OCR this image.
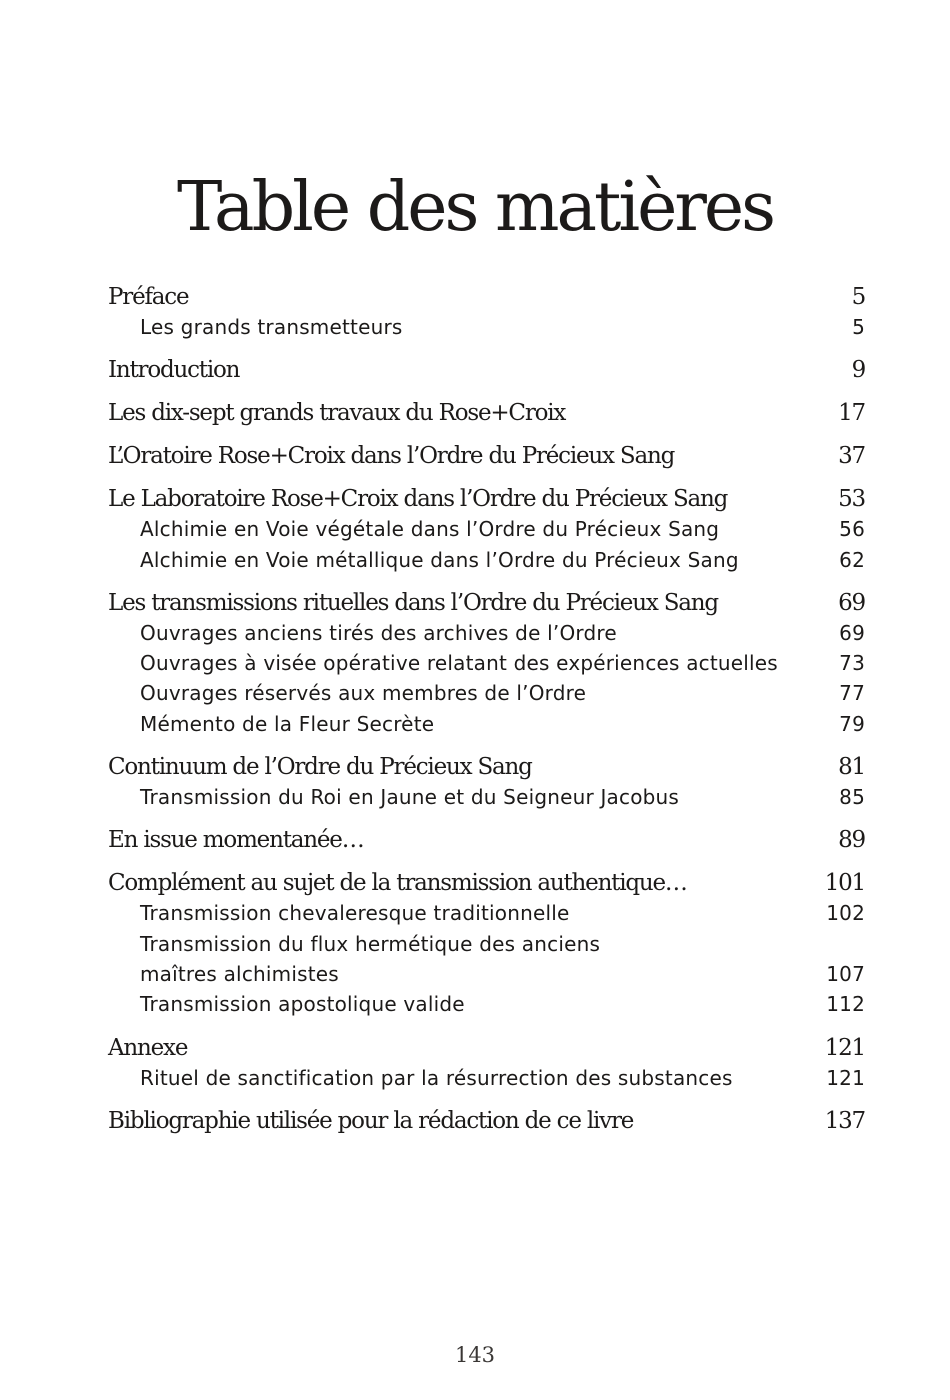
Table des matières
Préface	5
Les grands transmetteurs	5
Introduction	9
Les dix-sept grands travaux du Rose+Croix	17
L’Oratoire Rose+Croix dans l’Ordre du Précieux Sang	37
Le Laboratoire Rose+Croix dans l’Ordre du Précieux Sang	53
Alchimie en Voie végétale dans l’Ordre du Précieux Sang	56
Alchimie en Voie métallique dans l’Ordre du Précieux Sang	62
Les transmissions rituelles dans l’Ordre du Précieux Sang	69
Ouvrages anciens tirés des archives de l’Ordre	69
Ouvrages à visée opérative relatant des expériences actuelles	73
Ouvrages réservés aux membres de l’Ordre	77
Mémento de la Fleur Secrète	79
Continuum de l’Ordre du Précieux Sang	81
Transmission du Roi en Jaune et du Seigneur Jacobus	85
En issue momentanée…	89
Complément au sujet de la transmission authentique…	101
Transmission chevaleresque traditionnelle	102
Transmission du flux hermétique des anciens
maîtres alchimistes	107
Transmission apostolique valide	112
Annexe	121
Rituel de sanctification par la résurrection des substances	121
Bibliographie utilisée pour la rédaction de ce livre	137
143
